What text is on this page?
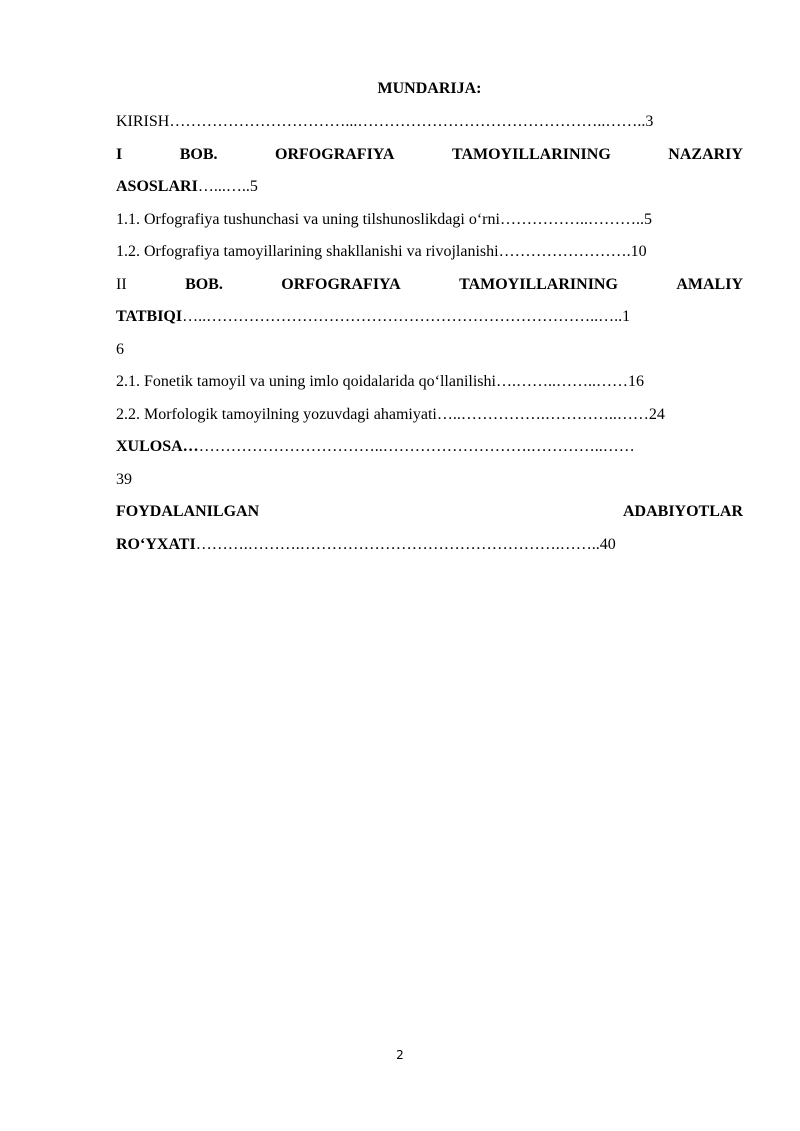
MUNDARIJA:
KIRISH……………………………...………………………………………..……..3
I	BOB.	ORFOGRAFIYA	TAMOYILLARINING	NAZARIY
ASOSLARI…...…..5
1.1. Orfografiya tushunchasi va uning tilshunoslikdagi o‘rni……………..………..5
1.2. Orfografiya tamoyillarining shakllanishi va rivojlanishi…………………….10
II	BOB.	ORFOGRAFIYA	TAMOYILLARINING	AMALIY
TATBIQI…..………………………………………………………………..…..1
6
2.1. Fonetik tamoyil va uning imlo qoidalarida qo‘llanilishi….……..……..……16
2.2. Morfologik tamoyilning yozuvdagi ahamiyati…..…………….…………..……24
XULOSA………………………………..……………………….…………..……
39
FOYDALANILGAN	ADABIYOTLAR
RO‘YXATI……….……….………………………………………….……..40
2
